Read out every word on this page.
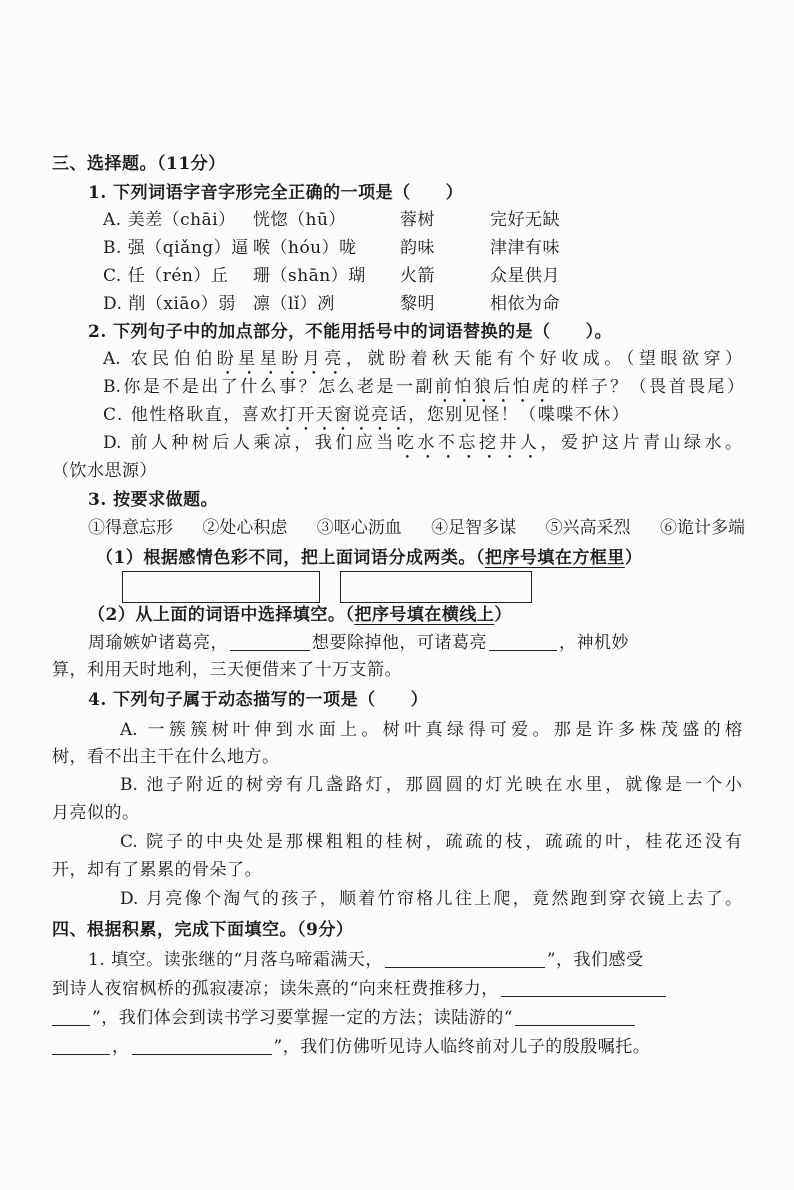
三、选择题。（11分）
1. 下列词语字音字形完全正确的一项是（　　）
A. 美差（chāi） 恍惚（hū）	蓉树	完好无缺
B. 强（qiǎng）逼 喉（hóu）咙	韵味	津津有味
C. 任（rén）丘 珊（shān）瑚 火箭	众星供月
D. 削（xiāo）弱 凛（lǐ）冽	黎明	相依为命
2. 下列句子中的加点部分，不能用括号中的词语替换的是（　　）。
A. 农民伯伯盼星星盼月亮，就盼着秋天能有个好收成。（望眼欲穿）
B.你是不是出了什么事？怎么老是一副前怕狼后怕虎的样子？（畏首畏尾）
C. 他性格耿直，喜欢打开天窗说亮话，您别见怪！（喋喋不休）
D. 前人种树后人乘凉，我们应当吃水不忘挖井人，爱护这片青山绿水。
（饮水思源）
3. 按要求做题。
①得意忘形 ②处心积虑 ③呕心沥血 ④足智多谋 ⑤兴高采烈 ⑥诡计多端
（1）根据感情色彩不同，把上面词语分成两类。（把序号填在方框里）
（2）从上面的词语中选择填空。（把序号填在横线上）
周瑜嫉妒诸葛亮，	想要除掉他，可诸葛亮	，神机妙
算，利用天时地利，三天便借来了十万支箭。
4. 下列句子属于动态描写的一项是（　　）
A. 一簇簇树叶伸到水面上。树叶真绿得可爱。那是许多株茂盛的榕
树，看不出主干在什么地方。
B. 池子附近的树旁有几盏路灯，那圆圆的灯光映在水里，就像是一个小
月亮似的。
C. 院子的中央处是那棵粗粗的桂树，疏疏的枝，疏疏的叶，桂花还没有
开，却有了累累的骨朵了。
D. 月亮像个淘气的孩子，顺着竹帘格儿往上爬，竟然跑到穿衣镜上去了。
四、根据积累，完成下面填空。（9分）
1. 填空。读张继的“月落乌啼霜满天，	”，我们感受
到诗人夜宿枫桥的孤寂凄凉；读朱熹的“向来枉费推移力，
”，我们体会到读书学习要掌握一定的方法；读陆游的“
，	”，我们仿佛听见诗人临终前对儿子的殷殷嘱托。
